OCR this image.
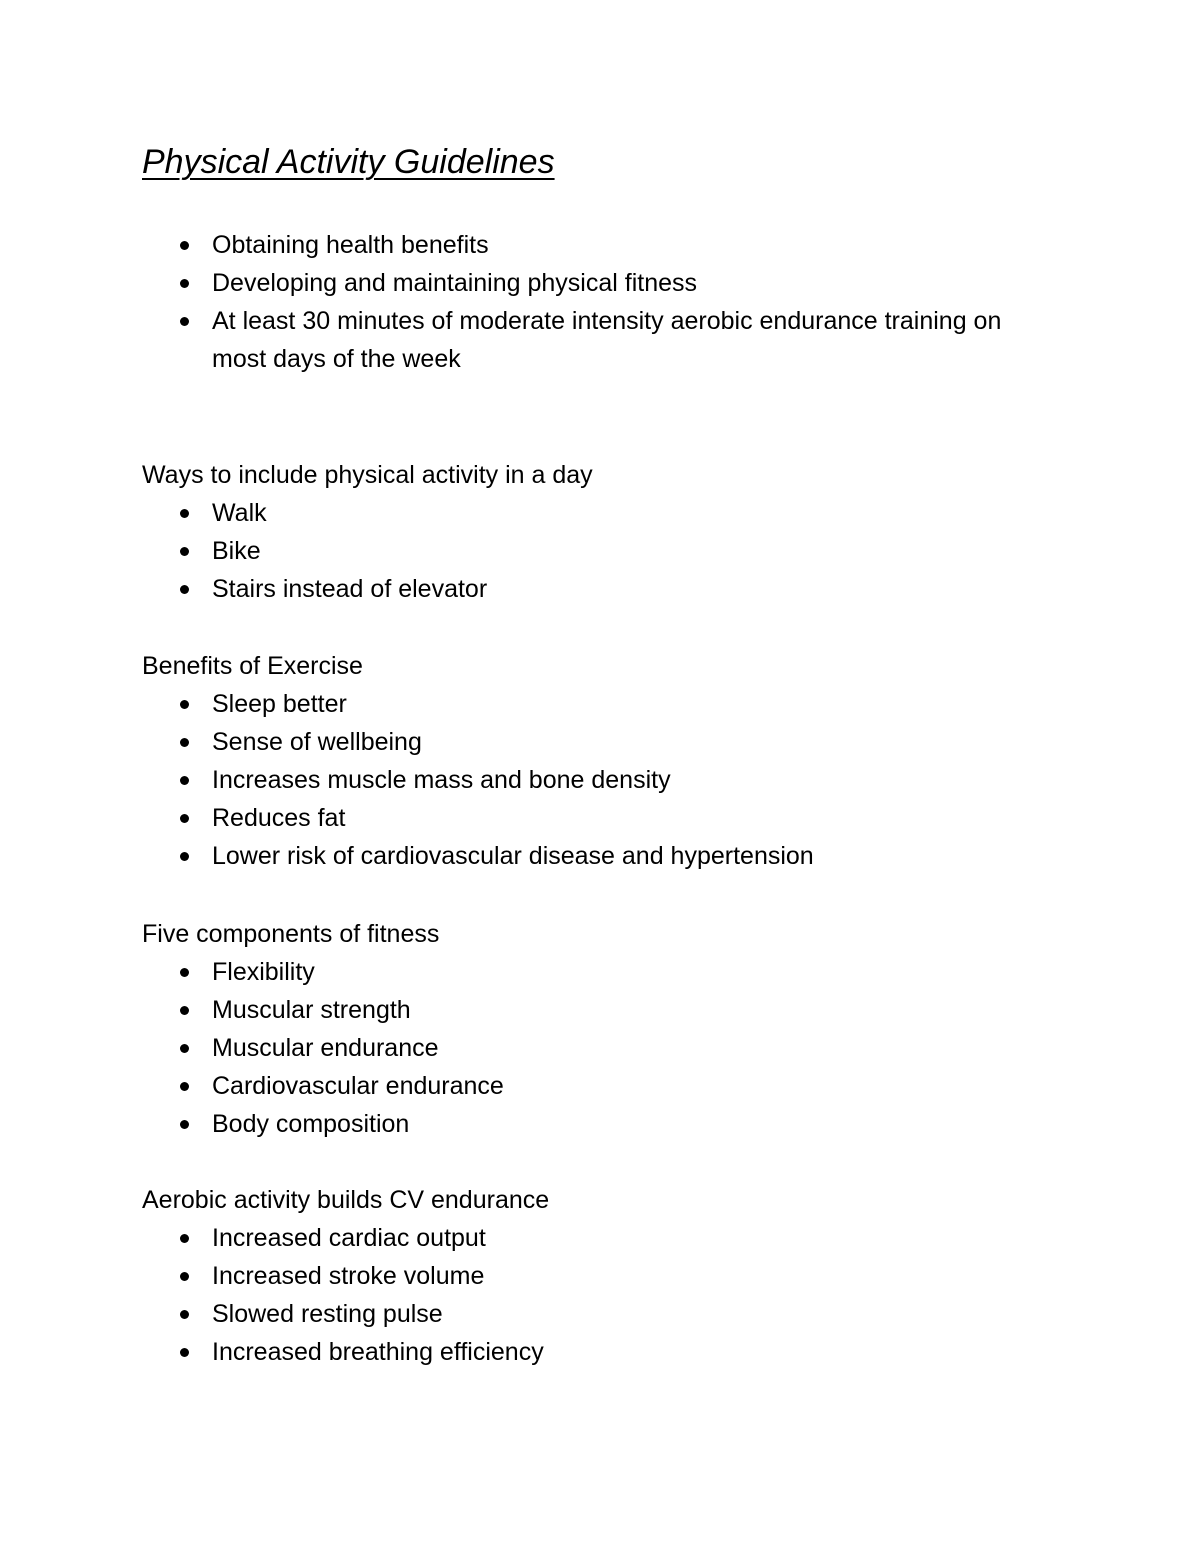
Physical Activity Guidelines
Obtaining health benefits
Developing and maintaining physical fitness
At least 30 minutes of moderate intensity aerobic endurance training on most days of the week
Ways to include physical activity in a day
Walk
Bike
Stairs instead of elevator
Benefits of Exercise
Sleep better
Sense of wellbeing
Increases muscle mass and bone density
Reduces fat
Lower risk of cardiovascular disease and hypertension
Five components of fitness
Flexibility
Muscular strength
Muscular endurance
Cardiovascular endurance
Body composition
Aerobic activity builds CV endurance
Increased cardiac output
Increased stroke volume
Slowed resting pulse
Increased breathing efficiency
